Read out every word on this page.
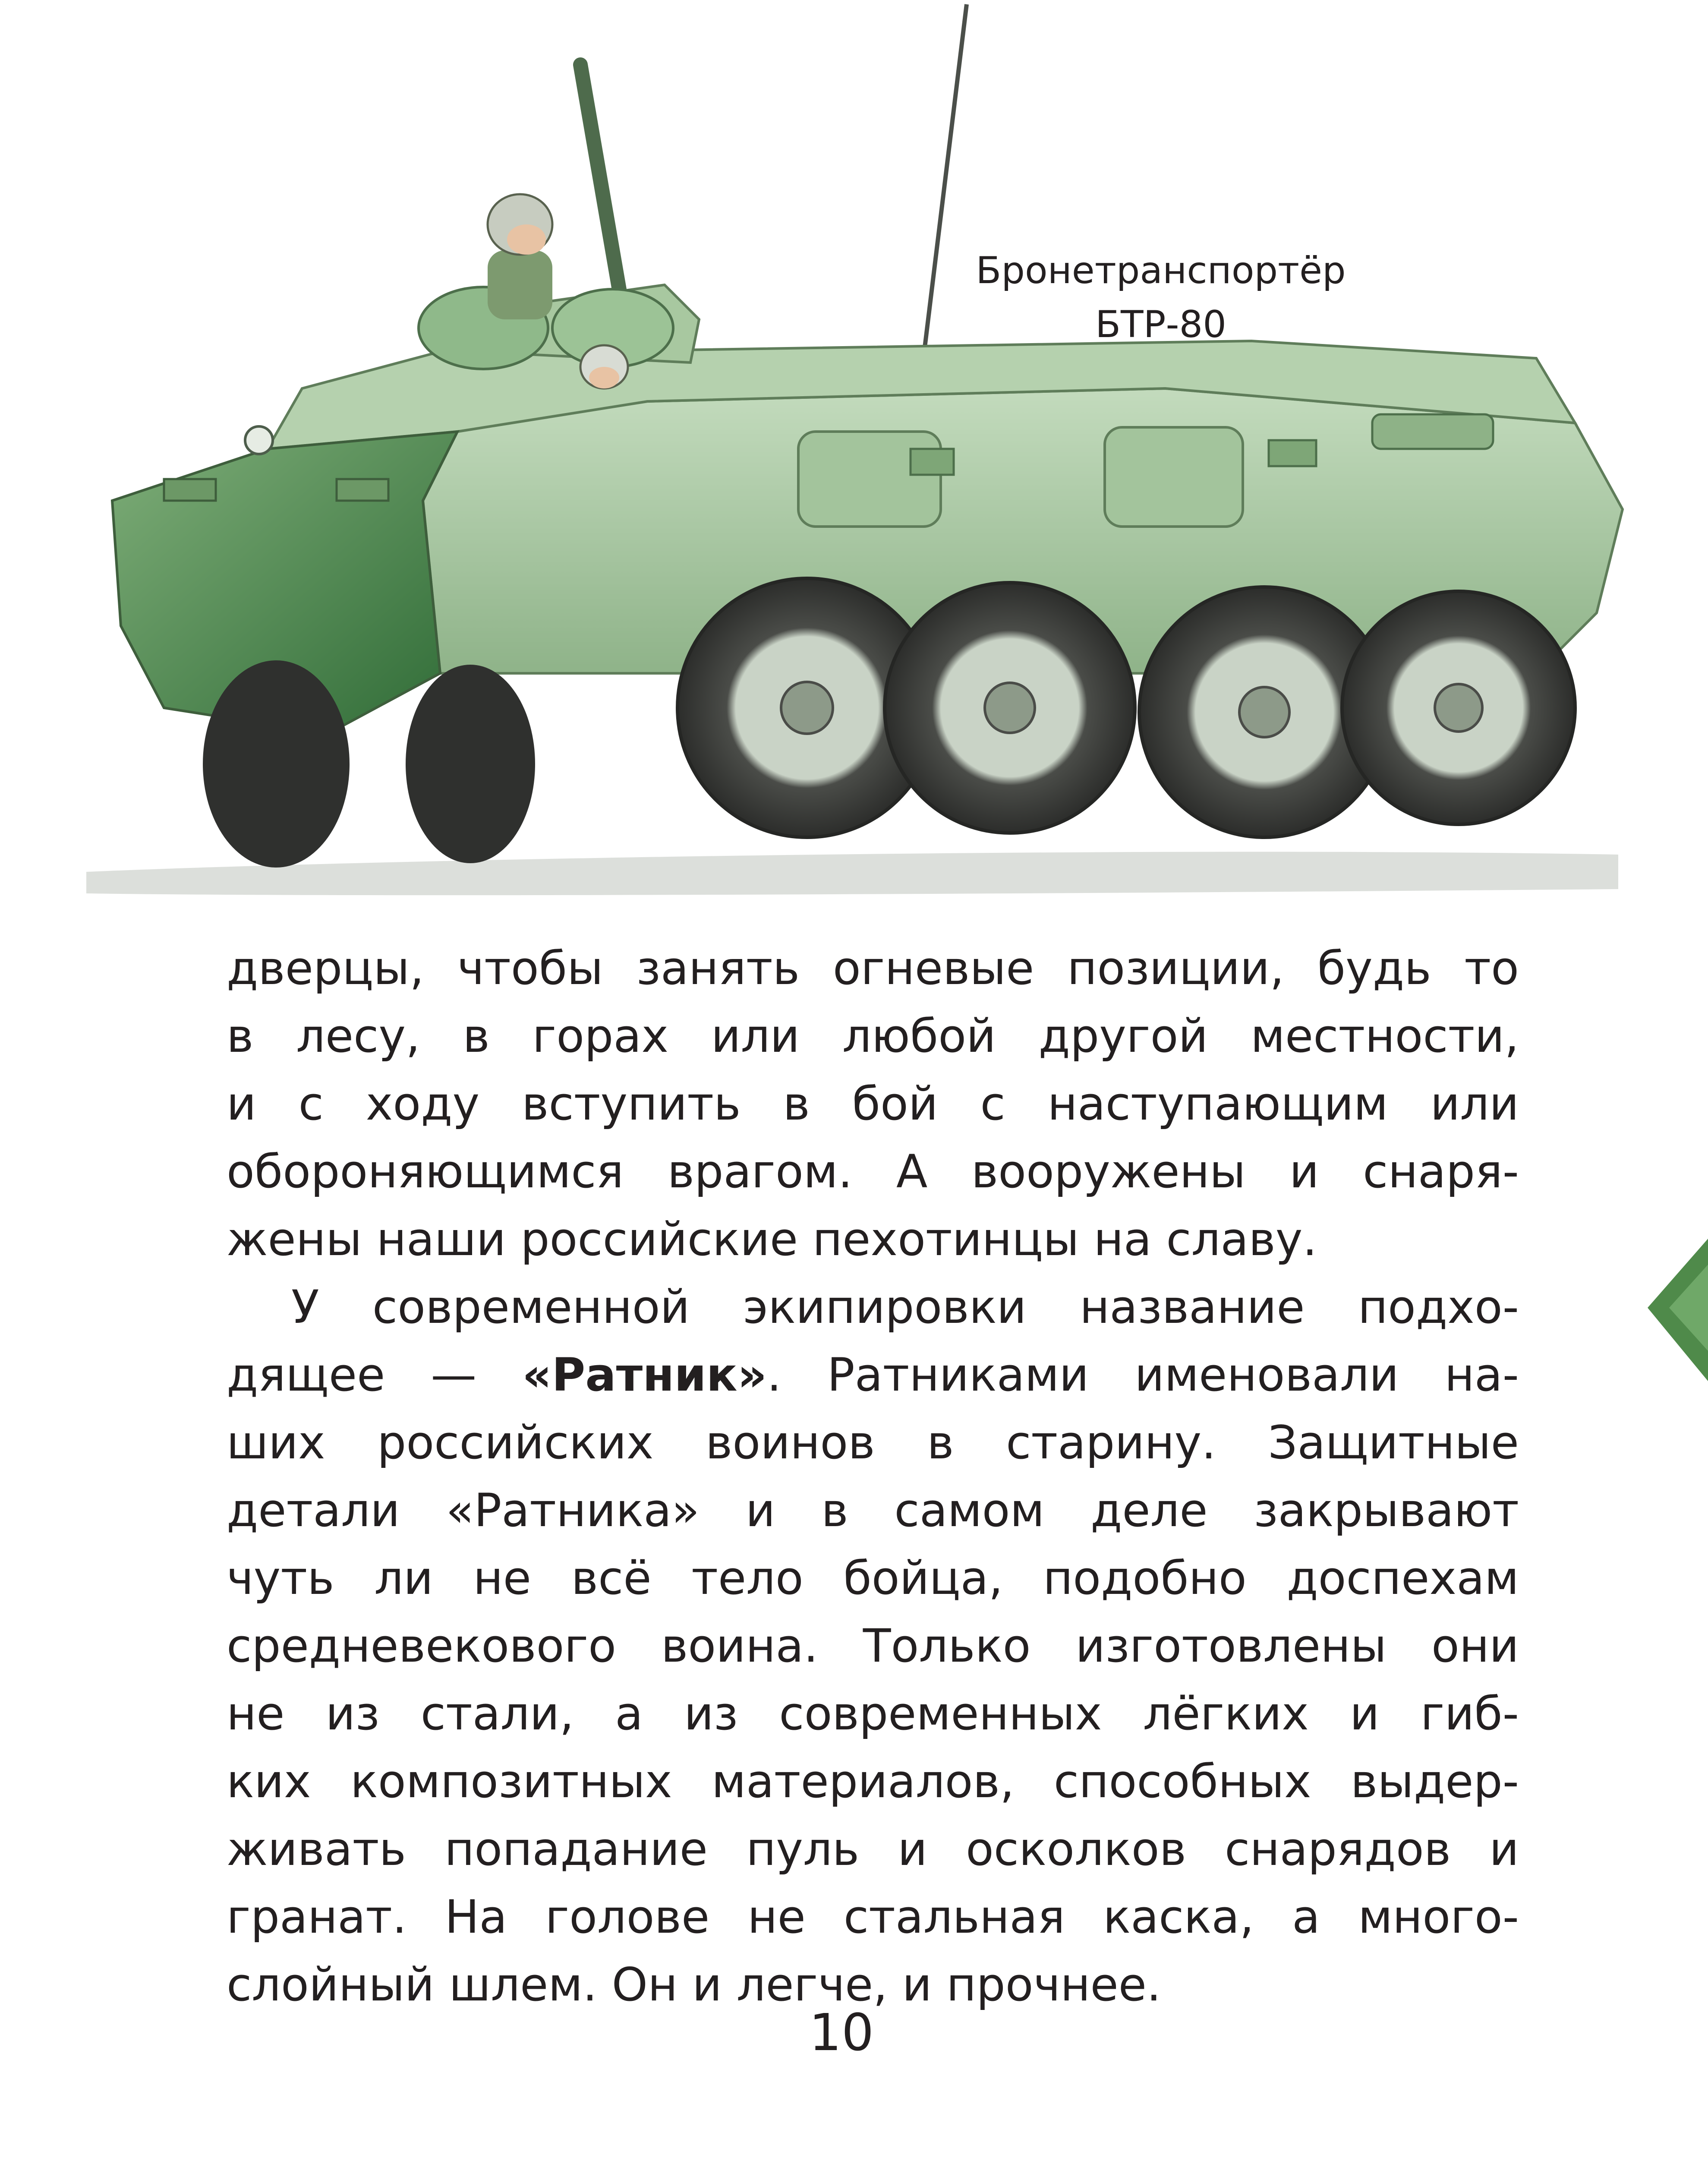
Бронетранспортёр
БТР-80
дверцы, чтобы занять огневые позиции, будь то
в лесу, в горах или любой другой местности,
и с ходу вступить в бой с наступающим или
обороняющимся врагом. А вооружены и снаря-
жены наши российские пехотинцы на славу.
У современной экипировки название подхо-
дящее — «Ратник». Ратниками именовали на-
ших российских воинов в старину. Защитные
детали «Ратника» и в самом деле закрывают
чуть ли не всё тело бойца, подобно доспехам
средневекового воина. Только изготовлены они
не из стали, а из современных лёгких и гиб-
ких композитных материалов, способных выдер-
живать попадание пуль и осколков снарядов и
гранат. На голове не стальная каска, а много-
слойный шлем. Он и легче, и прочнее.
10
